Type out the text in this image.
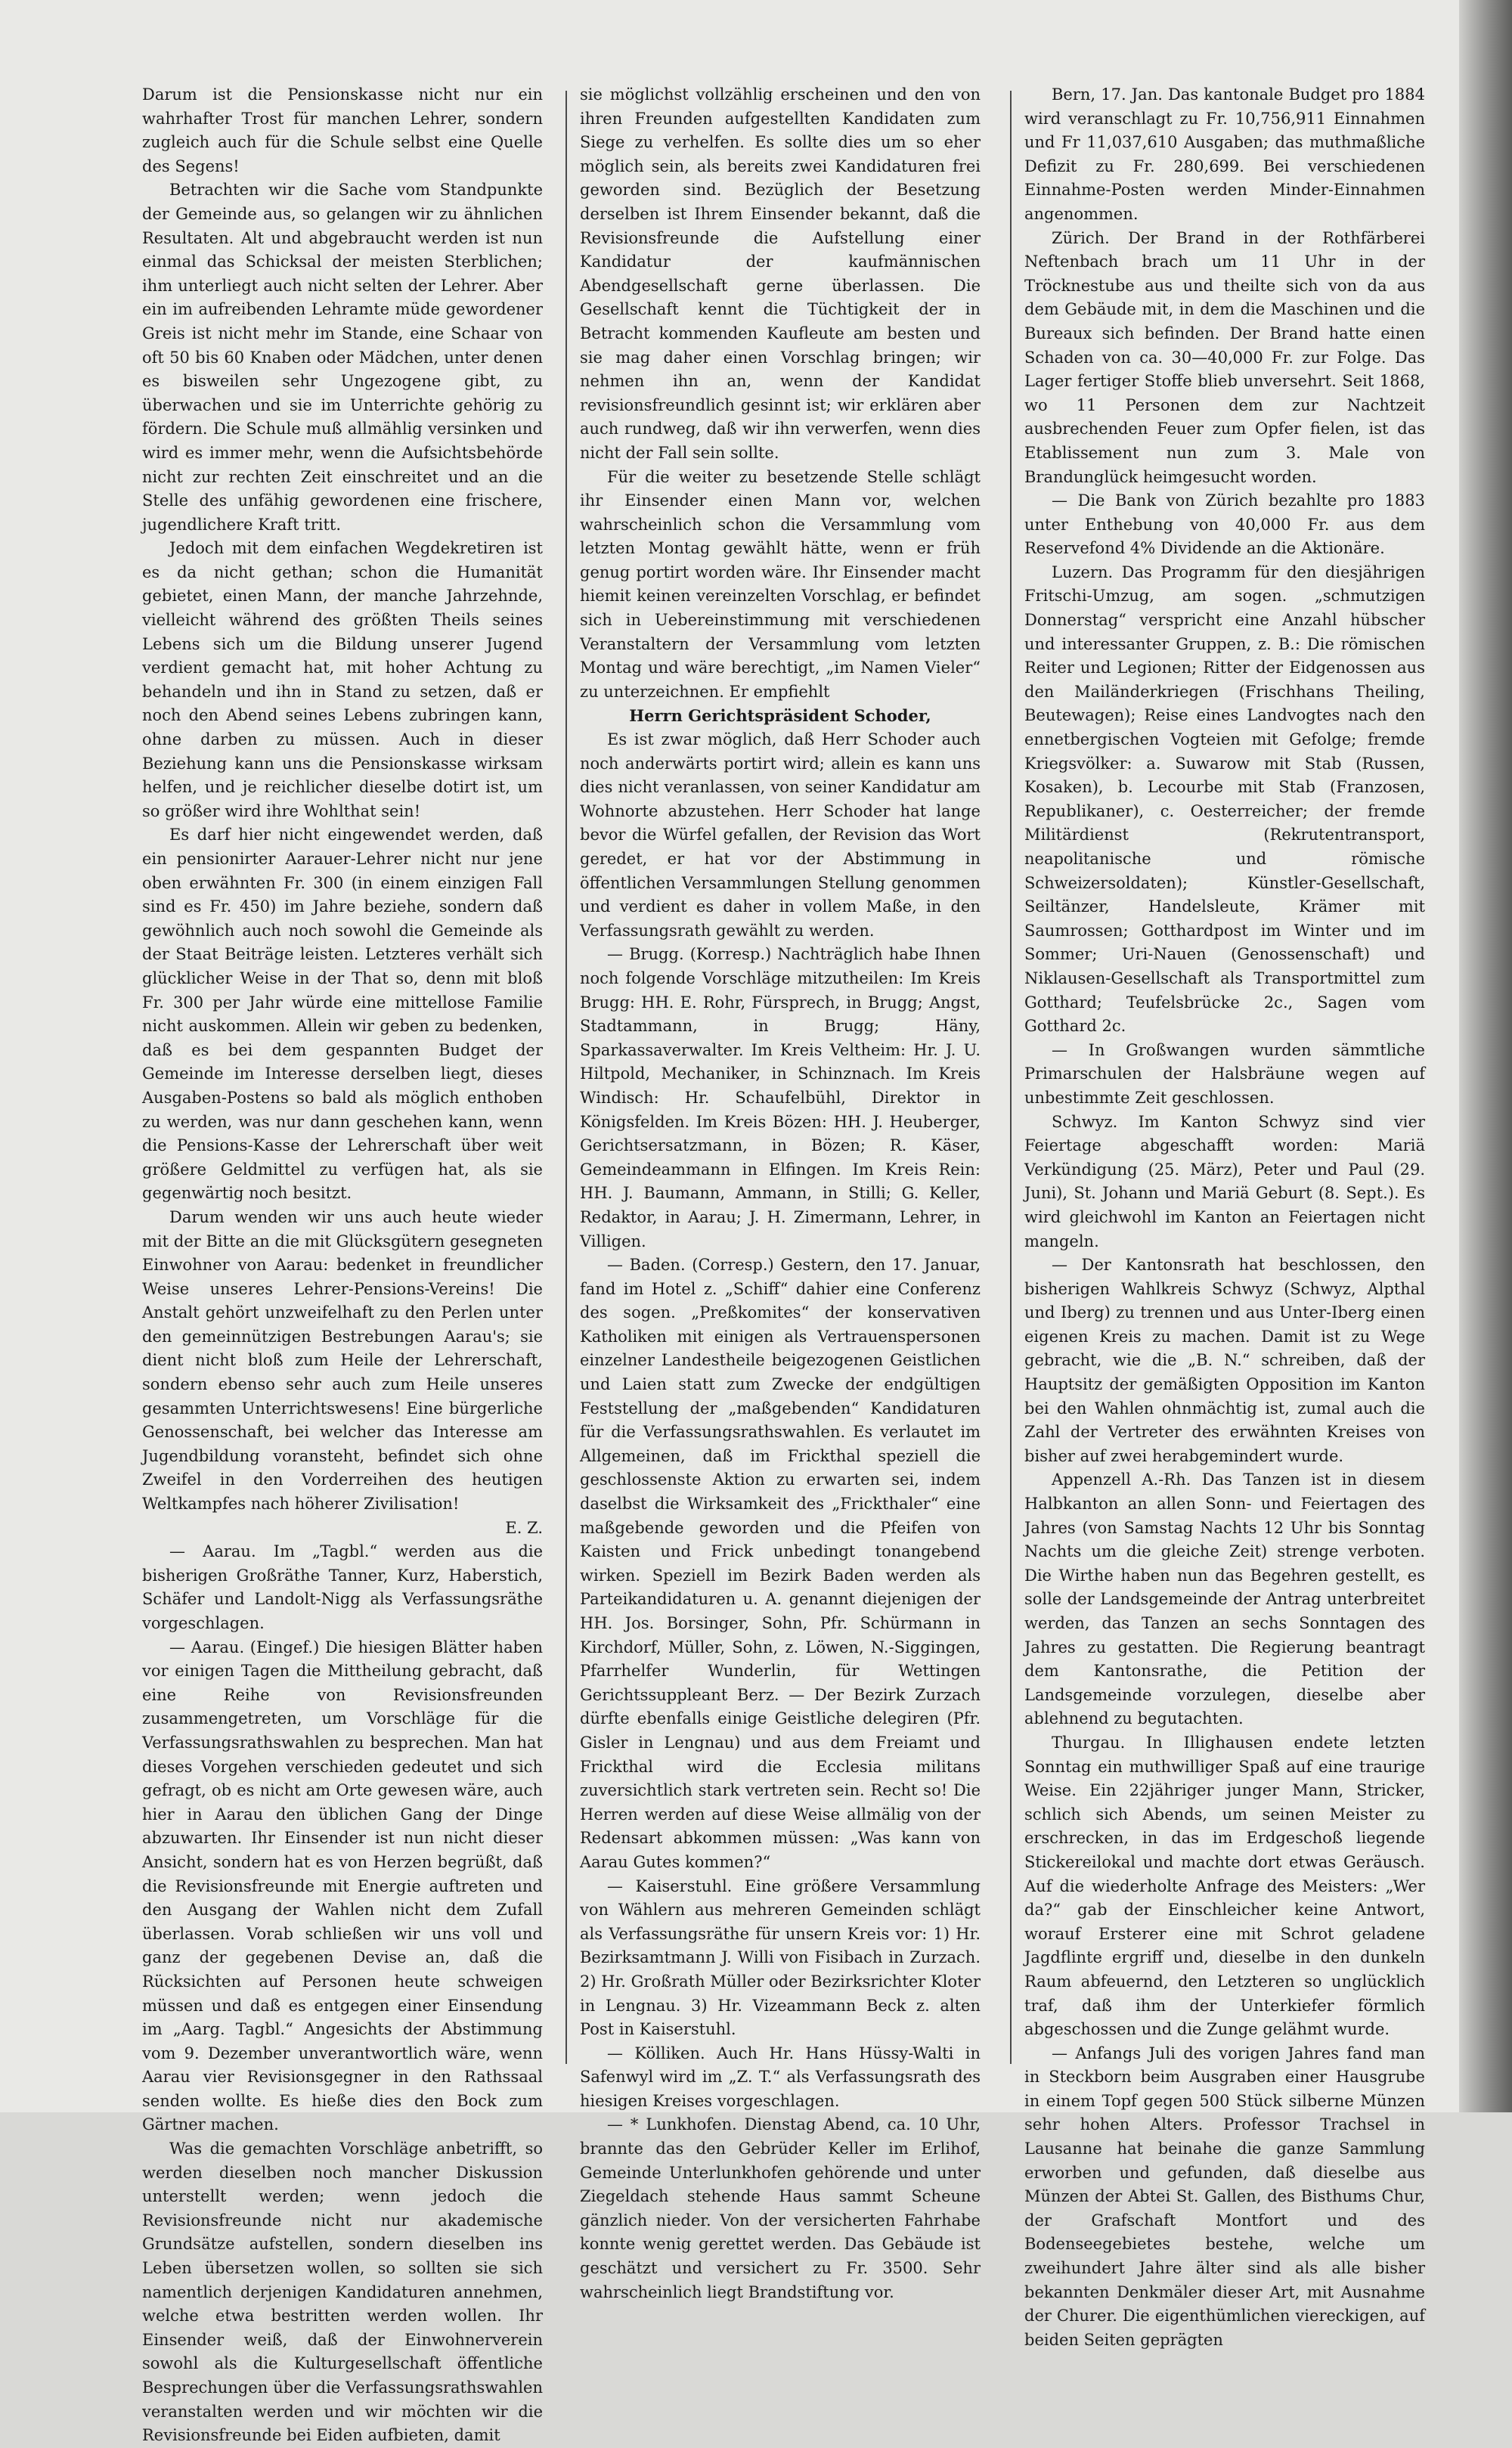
Darum ist die Pensionskasse nicht nur ein wahrhafter Trost für manchen Lehrer, sondern zugleich auch für die Schule selbst eine Quelle des Segens!

Betrachten wir die Sache vom Standpunkte der Gemeinde aus, so gelangen wir zu ähnlichen Resultaten. Alt und abgebraucht werden ist nun einmal das Schicksal der meisten Sterblichen; ihm unterliegt auch nicht selten der Lehrer. Aber ein im aufreibenden Lehramte müde gewordener Greis ist nicht mehr im Stande, eine Schaar von oft 50 bis 60 Knaben oder Mädchen, unter denen es bisweilen sehr Ungezogene gibt, zu überwachen und sie im Unterrichte gehörig zu fördern. Die Schule muß allmählig versinken und wird es immer mehr, wenn die Aufsichtsbehörde nicht zur rechten Zeit einschreitet und an die Stelle des unfähig gewordenen eine frischere, jugendlichere Kraft tritt.

Jedoch mit dem einfachen Wegdekretiren ist es da nicht gethan; schon die Humanität gebietet, einen Mann, der manche Jahrzehnde, vielleicht während des größten Theils seines Lebens sich um die Bildung unserer Jugend verdient gemacht hat, mit hoher Achtung zu behandeln und ihn in Stand zu setzen, daß er noch den Abend seines Lebens zubringen kann, ohne darben zu müssen. Auch in dieser Beziehung kann uns die Pensionskasse wirksam helfen, und je reichlicher dieselbe dotirt ist, um so größer wird ihre Wohlthat sein!

Es darf hier nicht eingewendet werden, daß ein pensionirter Aarauer-Lehrer nicht nur jene oben erwähnten Fr. 300 (in einem einzigen Fall sind es Fr. 450) im Jahre beziehe, sondern daß gewöhnlich auch noch sowohl die Gemeinde als der Staat Beiträge leisten. Letzteres verhält sich glücklicher Weise in der That so, denn mit bloß Fr. 300 per Jahr würde eine mittellose Familie nicht auskommen. Allein wir geben zu bedenken, daß es bei dem gespannten Budget der Gemeinde im Interesse derselben liegt, dieses Ausgaben-Postens so bald als möglich enthoben zu werden, was nur dann geschehen kann, wenn die Pensions-Kasse der Lehrerschaft über weit größere Geldmittel zu verfügen hat, als sie gegenwärtig noch besitzt.

Darum wenden wir uns auch heute wieder mit der Bitte an die mit Glücksgütern gesegneten Einwohner von Aarau: bedenket in freundlicher Weise unseres Lehrer-Pensions-Vereins! Die Anstalt gehört unzweifelhaft zu den Perlen unter den gemeinnützigen Bestrebungen Aarau's; sie dient nicht bloß zum Heile der Lehrerschaft, sondern ebenso sehr auch zum Heile unseres gesammten Unterrichtswesens! Eine bürgerliche Genossenschaft, bei welcher das Interesse am Jugendbildung voransteht, befindet sich ohne Zweifel in den Vorderreihen des heutigen Weltkampfes nach höherer Zivilisation!

E. Z.

— Aarau. Im „Tagbl.“ werden aus die bisherigen Großräthe Tanner, Kurz, Haberstich, Schäfer und Landolt-Nigg als Verfassungsräthe vorgeschlagen.

— Aarau. (Eingef.) Die hiesigen Blätter haben vor einigen Tagen die Mittheilung gebracht, daß eine Reihe von Revisionsfreunden zusammengetreten, um Vorschläge für die Verfassungsrathswahlen zu besprechen. Man hat dieses Vorgehen verschieden gedeutet und sich gefragt, ob es nicht am Orte gewesen wäre, auch hier in Aarau den üblichen Gang der Dinge abzuwarten. Ihr Einsender ist nun nicht dieser Ansicht, sondern hat es von Herzen begrüßt, daß die Revisionsfreunde mit Energie auftreten und den Ausgang der Wahlen nicht dem Zufall überlassen. Vorab schließen wir uns voll und ganz der gegebenen Devise an, daß die Rücksichten auf Personen heute schweigen müssen und daß es entgegen einer Einsendung im „Aarg. Tagbl.“ Angesichts der Abstimmung vom 9. Dezember unverantwortlich wäre, wenn Aarau vier Revisionsgegner in den Rathssaal senden wollte. Es hieße dies den Bock zum Gärtner machen.

Was die gemachten Vorschläge anbetrifft, so werden dieselben noch mancher Diskussion unterstellt werden; wenn jedoch die Revisionsfreunde nicht nur akademische Grundsätze aufstellen, sondern dieselben ins Leben übersetzen wollen, so sollten sie sich namentlich derjenigen Kandidaturen annehmen, welche etwa bestritten werden wollen. Ihr Einsender weiß, daß der Einwohnerverein sowohl als die Kulturgesellschaft öffentliche Besprechungen über die Verfassungsrathswahlen veranstalten werden und wir möchten wir die Revisionsfreunde bei Eiden aufbieten, damit

sie möglichst vollzählig erscheinen und den von ihren Freunden aufgestellten Kandidaten zum Siege zu verhelfen. Es sollte dies um so eher möglich sein, als bereits zwei Kandidaturen frei geworden sind. Bezüglich der Besetzung derselben ist Ihrem Einsender bekannt, daß die Revisionsfreunde die Aufstellung einer Kandidatur der kaufmännischen Abendgesellschaft gerne überlassen. Die Gesellschaft kennt die Tüchtigkeit der in Betracht kommenden Kaufleute am besten und sie mag daher einen Vorschlag bringen; wir nehmen ihn an, wenn der Kandidat revisionsfreundlich gesinnt ist; wir erklären aber auch rundweg, daß wir ihn verwerfen, wenn dies nicht der Fall sein sollte.

Für die weiter zu besetzende Stelle schlägt ihr Einsender einen Mann vor, welchen wahrscheinlich schon die Versammlung vom letzten Montag gewählt hätte, wenn er früh genug portirt worden wäre. Ihr Einsender macht hiemit keinen vereinzelten Vorschlag, er befindet sich in Uebereinstimmung mit verschiedenen Veranstaltern der Versammlung vom letzten Montag und wäre berechtigt, „im Namen Vieler“ zu unterzeichnen. Er empfiehlt

Herrn Gerichtspräsident Schoder,

Es ist zwar möglich, daß Herr Schoder auch noch anderwärts portirt wird; allein es kann uns dies nicht veranlassen, von seiner Kandidatur am Wohnorte abzustehen. Herr Schoder hat lange bevor die Würfel gefallen, der Revision das Wort geredet, er hat vor der Abstimmung in öffentlichen Versammlungen Stellung genommen und verdient es daher in vollem Maße, in den Verfassungsrath gewählt zu werden.

— Brugg. (Korresp.) Nachträglich habe Ihnen noch folgende Vorschläge mitzutheilen: Im Kreis Brugg: HH. E. Rohr, Fürsprech, in Brugg; Angst, Stadtammann, in Brugg; Häny, Sparkassaverwalter. Im Kreis Veltheim: Hr. J. U. Hiltpold, Mechaniker, in Schinznach. Im Kreis Windisch: Hr. Schaufelbühl, Direktor in Königsfelden. Im Kreis Bözen: HH. J. Heuberger, Gerichtsersatzmann, in Bözen; R. Käser, Gemeindeammann in Elfingen. Im Kreis Rein: HH. J. Baumann, Ammann, in Stilli; G. Keller, Redaktor, in Aarau; J. H. Zimermann, Lehrer, in Villigen.

— Baden. (Corresp.) Gestern, den 17. Januar, fand im Hotel z. „Schiff“ dahier eine Conferenz des sogen. „Preßkomites“ der konservativen Katholiken mit einigen als Vertrauenspersonen einzelner Landestheile beigezogenen Geistlichen und Laien statt zum Zwecke der endgültigen Feststellung der „maßgebenden“ Kandidaturen für die Verfassungsrathswahlen. Es verlautet im Allgemeinen, daß im Frickthal speziell die geschlossenste Aktion zu erwarten sei, indem daselbst die Wirksamkeit des „Frickthaler“ eine maßgebende geworden und die Pfeifen von Kaisten und Frick unbedingt tonangebend wirken. Speziell im Bezirk Baden werden als Parteikandidaturen u. A. genannt diejenigen der HH. Jos. Borsinger, Sohn, Pfr. Schürmann in Kirchdorf, Müller, Sohn, z. Löwen, N.-Siggingen, Pfarrhelfer Wunderlin, für Wettingen Gerichtssuppleant Berz. — Der Bezirk Zurzach dürfte ebenfalls einige Geistliche delegiren (Pfr. Gisler in Lengnau) und aus dem Freiamt und Frickthal wird die Ecclesia militans zuversichtlich stark vertreten sein. Recht so! Die Herren werden auf diese Weise allmälig von der Redensart abkommen müssen: „Was kann von Aarau Gutes kommen?“

— Kaiserstuhl. Eine größere Versammlung von Wählern aus mehreren Gemeinden schlägt als Verfassungsräthe für unsern Kreis vor: 1) Hr. Bezirksamtmann J. Willi von Fisibach in Zurzach. 2) Hr. Großrath Müller oder Bezirksrichter Kloter in Lengnau. 3) Hr. Vizeammann Beck z. alten Post in Kaiserstuhl.

— Kölliken. Auch Hr. Hans Hüssy-Walti in Safenwyl wird im „Z. T.“ als Verfassungsrath des hiesigen Kreises vorgeschlagen.

— * Lunkhofen. Dienstag Abend, ca. 10 Uhr, brannte das den Gebrüder Keller im Erlihof, Gemeinde Unterlunkhofen gehörende und unter Ziegeldach stehende Haus sammt Scheune gänzlich nieder. Von der versicherten Fahrhabe konnte wenig gerettet werden. Das Gebäude ist geschätzt und versichert zu Fr. 3500. Sehr wahrscheinlich liegt Brandstiftung vor.

Bern, 17. Jan. Das kantonale Budget pro 1884 wird veranschlagt zu Fr. 10,756,911 Einnahmen und Fr 11,037,610 Ausgaben; das muthmaßliche Defizit zu Fr. 280,699. Bei verschiedenen Einnahme-Posten werden Minder-Einnahmen angenommen.

Zürich. Der Brand in der Rothfärberei Neftenbach brach um 11 Uhr in der Tröcknestube aus und theilte sich von da aus dem Gebäude mit, in dem die Maschinen und die Bureaux sich befinden. Der Brand hatte einen Schaden von ca. 30—40,000 Fr. zur Folge. Das Lager fertiger Stoffe blieb unversehrt. Seit 1868, wo 11 Personen dem zur Nachtzeit ausbrechenden Feuer zum Opfer fielen, ist das Etablissement nun zum 3. Male von Brandunglück heimgesucht worden.

— Die Bank von Zürich bezahlte pro 1883 unter Enthebung von 40,000 Fr. aus dem Reservefond 4% Dividende an die Aktionäre.

Luzern. Das Programm für den diesjährigen Fritschi-Umzug, am sogen. „schmutzigen Donnerstag“ verspricht eine Anzahl hübscher und interessanter Gruppen, z. B.: Die römischen Reiter und Legionen; Ritter der Eidgenossen aus den Mailänderkriegen (Frischhans Theiling, Beutewagen); Reise eines Landvogtes nach den ennetbergischen Vogteien mit Gefolge; fremde Kriegsvölker: a. Suwarow mit Stab (Russen, Kosaken), b. Lecourbe mit Stab (Franzosen, Republikaner), c. Oesterreicher; der fremde Militärdienst (Rekrutentransport, neapolitanische und römische Schweizersoldaten); Künstler-Gesellschaft, Seiltänzer, Handelsleute, Krämer mit Saumrossen; Gotthardpost im Winter und im Sommer; Uri-Nauen (Genossenschaft) und Niklausen-Gesellschaft als Transportmittel zum Gotthard; Teufelsbrücke 2c., Sagen vom Gotthard 2c.

— In Großwangen wurden sämmtliche Primarschulen der Halsbräune wegen auf unbestimmte Zeit geschlossen.

Schwyz. Im Kanton Schwyz sind vier Feiertage abgeschafft worden: Mariä Verkündigung (25. März), Peter und Paul (29. Juni), St. Johann und Mariä Geburt (8. Sept.). Es wird gleichwohl im Kanton an Feiertagen nicht mangeln.

— Der Kantonsrath hat beschlossen, den bisherigen Wahlkreis Schwyz (Schwyz, Alpthal und Iberg) zu trennen und aus Unter-Iberg einen eigenen Kreis zu machen. Damit ist zu Wege gebracht, wie die „B. N.“ schreiben, daß der Hauptsitz der gemäßigten Opposition im Kanton bei den Wahlen ohnmächtig ist, zumal auch die Zahl der Vertreter des erwähnten Kreises von bisher auf zwei herabgemindert wurde.

Appenzell A.-Rh. Das Tanzen ist in diesem Halbkanton an allen Sonn- und Feiertagen des Jahres (von Samstag Nachts 12 Uhr bis Sonntag Nachts um die gleiche Zeit) strenge verboten. Die Wirthe haben nun das Begehren gestellt, es solle der Landsgemeinde der Antrag unterbreitet werden, das Tanzen an sechs Sonntagen des Jahres zu gestatten. Die Regierung beantragt dem Kantonsrathe, die Petition der Landsgemeinde vorzulegen, dieselbe aber ablehnend zu begutachten.

Thurgau. In Illighausen endete letzten Sonntag ein muthwilliger Spaß auf eine traurige Weise. Ein 22jähriger junger Mann, Stricker, schlich sich Abends, um seinen Meister zu erschrecken, in das im Erdgeschoß liegende Stickereilokal und machte dort etwas Geräusch. Auf die wiederholte Anfrage des Meisters: „Wer da?“ gab der Einschleicher keine Antwort, worauf Ersterer eine mit Schrot geladene Jagdflinte ergriff und, dieselbe in den dunkeln Raum abfeuernd, den Letzteren so unglücklich traf, daß ihm der Unterkiefer förmlich abgeschossen und die Zunge gelähmt wurde.

— Anfangs Juli des vorigen Jahres fand man in Steckborn beim Ausgraben einer Hausgrube in einem Topf gegen 500 Stück silberne Münzen sehr hohen Alters. Professor Trachsel in Lausanne hat beinahe die ganze Sammlung erworben und gefunden, daß dieselbe aus Münzen der Abtei St. Gallen, des Bisthums Chur, der Grafschaft Montfort und des Bodenseegebietes bestehe, welche um zweihundert Jahre älter sind als alle bisher bekannten Denkmäler dieser Art, mit Ausnahme der Churer. Die eigenthümlichen viereckigen, auf beiden Seiten geprägten
